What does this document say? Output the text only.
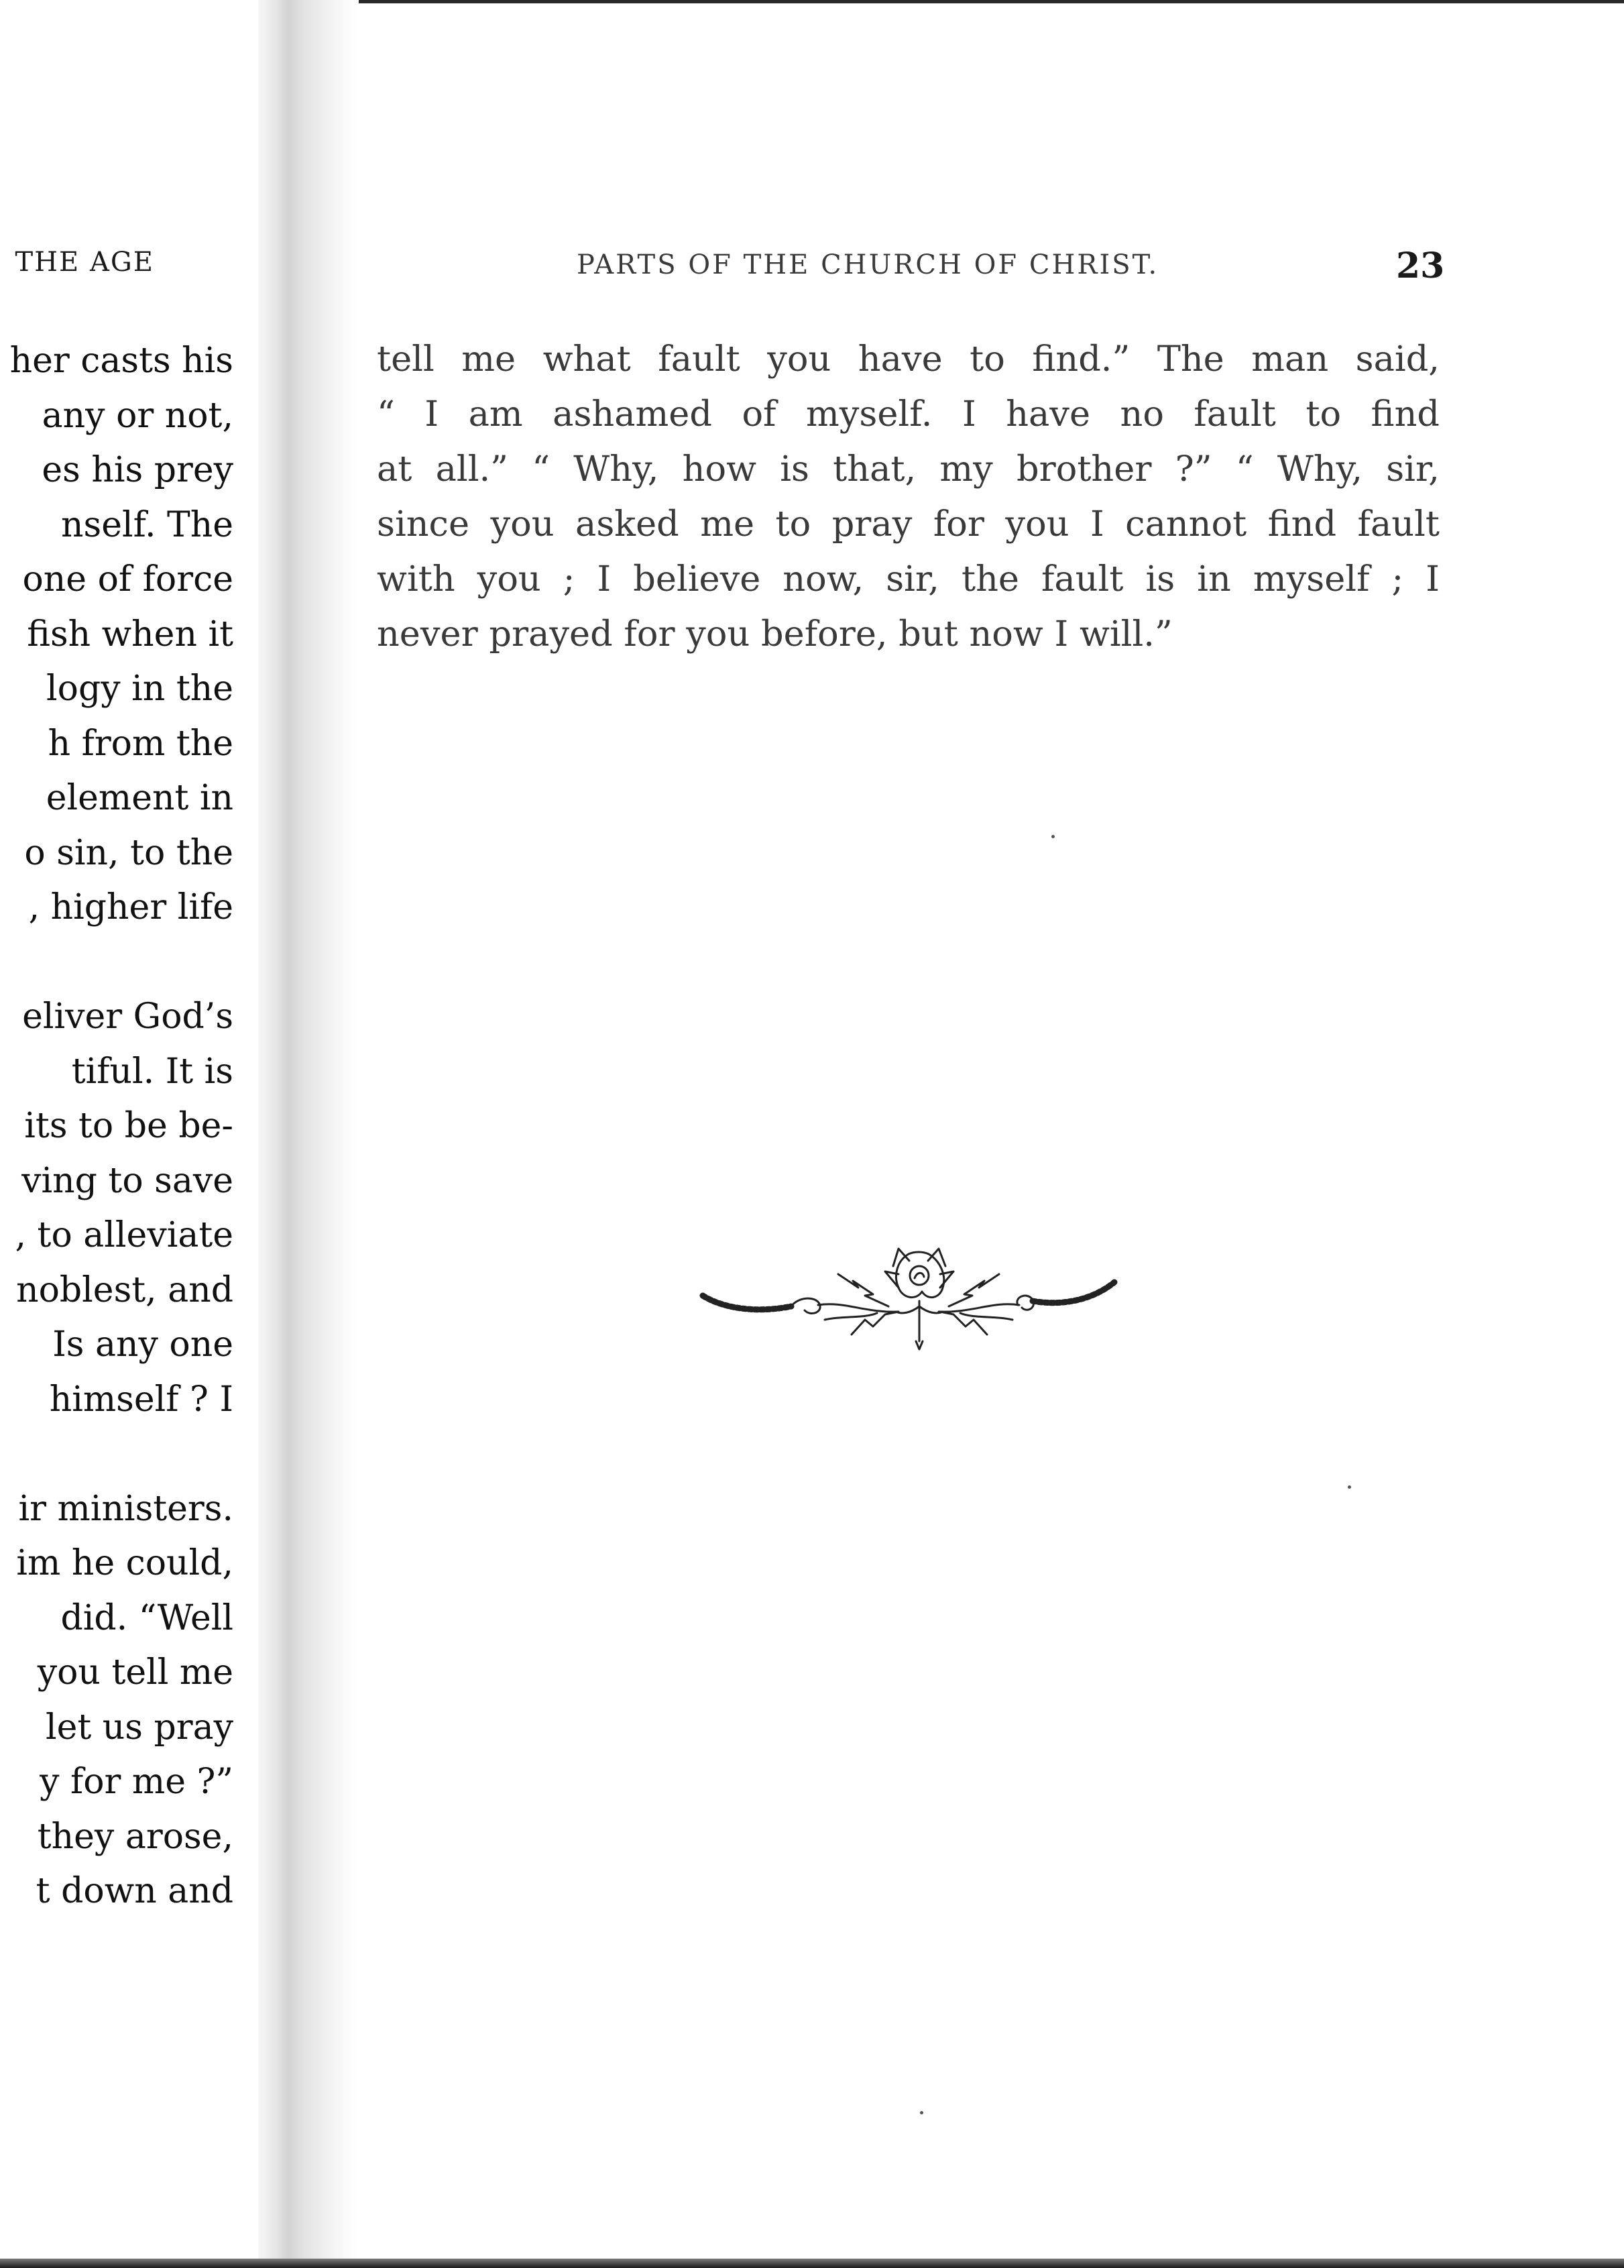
THE AGE
her casts his
any or not,
es his prey
nself. The
one of force
fish when it
logy in the
h from the
element in
o sin, to the
, higher life
eliver God’s
tiful. It is
its to be be-
ving to save
, to alleviate
noblest, and
Is any one
himself ? I
ir ministers.
im he could,
did. “Well
you tell me
let us pray
y for me ?”
they arose,
t down and
PARTS OF THE CHURCH OF CHRIST.	23
tell me what fault you have to find.” The man said,
“ I am ashamed of myself. I have no fault to find
at all.” “ Why, how is that, my brother ?” “ Why, sir,
since you asked me to pray for you I cannot find fault
with you ; I believe now, sir, the fault is in myself ; I
never prayed for you before, but now I will.”
